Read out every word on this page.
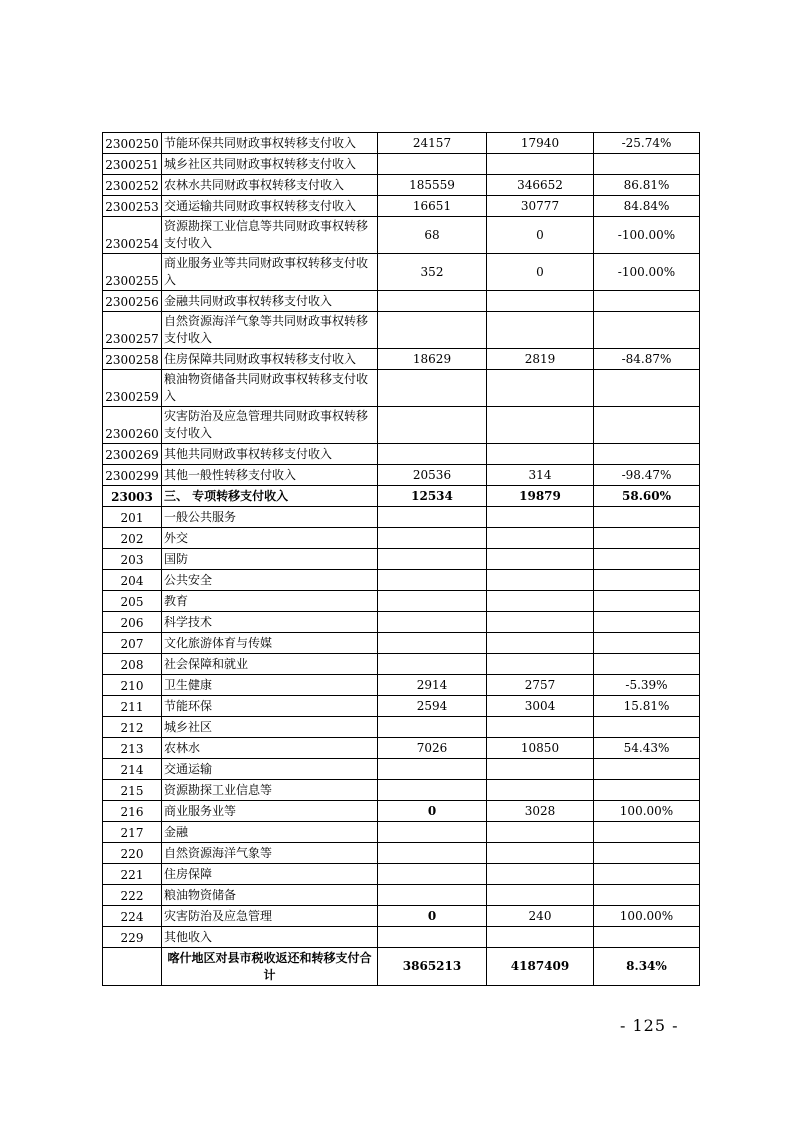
2300250	节能环保共同财政事权转移支付收入	24157	17940	-25.74%
2300251	城乡社区共同财政事权转移支付收入			
2300252	农林水共同财政事权转移支付收入	185559	346652	86.81%
2300253	交通运输共同财政事权转移支付收入	16651	30777	84.84%
2300254	资源勘探工业信息等共同财政事权转移支付收入	68	0	-100.00%
2300255	商业服务业等共同财政事权转移支付收入	352	0	-100.00%
2300256	金融共同财政事权转移支付收入			
2300257	自然资源海洋气象等共同财政事权转移支付收入			
2300258	住房保障共同财政事权转移支付收入	18629	2819	-84.87%
2300259	粮油物资储备共同财政事权转移支付收入			
2300260	灾害防治及应急管理共同财政事权转移支付收入			
2300269	其他共同财政事权转移支付收入			
2300299	其他一般性转移支付收入	20536	314	-98.47%
23003	三、 专项转移支付收入	12534	19879	58.60%
201	一般公共服务			
202	外交			
203	国防			
204	公共安全			
205	教育			
206	科学技术			
207	文化旅游体育与传媒			
208	社会保障和就业			
210	卫生健康	2914	2757	-5.39%
211	节能环保	2594	3004	15.81%
212	城乡社区			
213	农林水	7026	10850	54.43%
214	交通运输			
215	资源勘探工业信息等			
216	商业服务业等	0	3028	100.00%
217	金融			
220	自然资源海洋气象等			
221	住房保障			
222	粮油物资储备			
224	灾害防治及应急管理	0	240	100.00%
229	其他收入			
	喀什地区对县市税收返还和转移支付合计	3865213	4187409	8.34%
- 125 -
